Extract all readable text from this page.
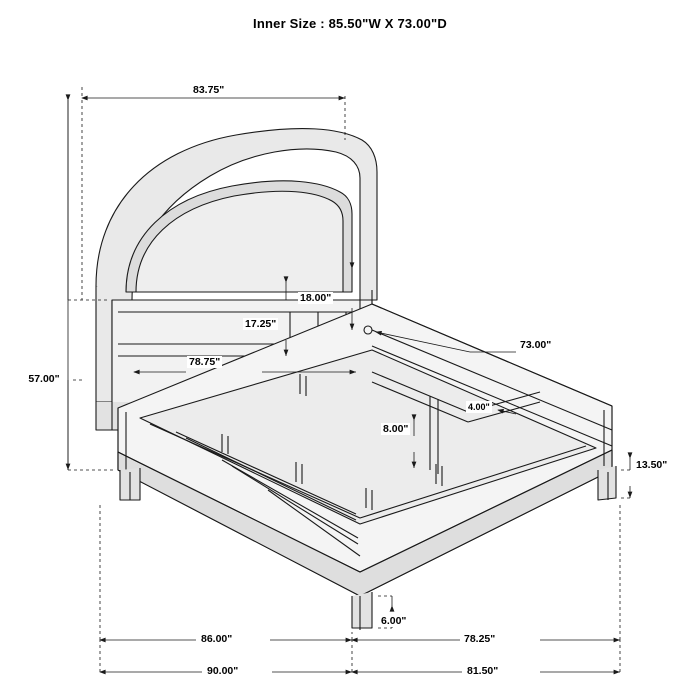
Inner Size : 85.50"W X 73.00"D
83.75"
18.00"
17.25"
78.75"
57.00"
73.00"
4.00"
8.00"
13.50"
6.00"
86.00"	78.25"
90.00"	81.50"
